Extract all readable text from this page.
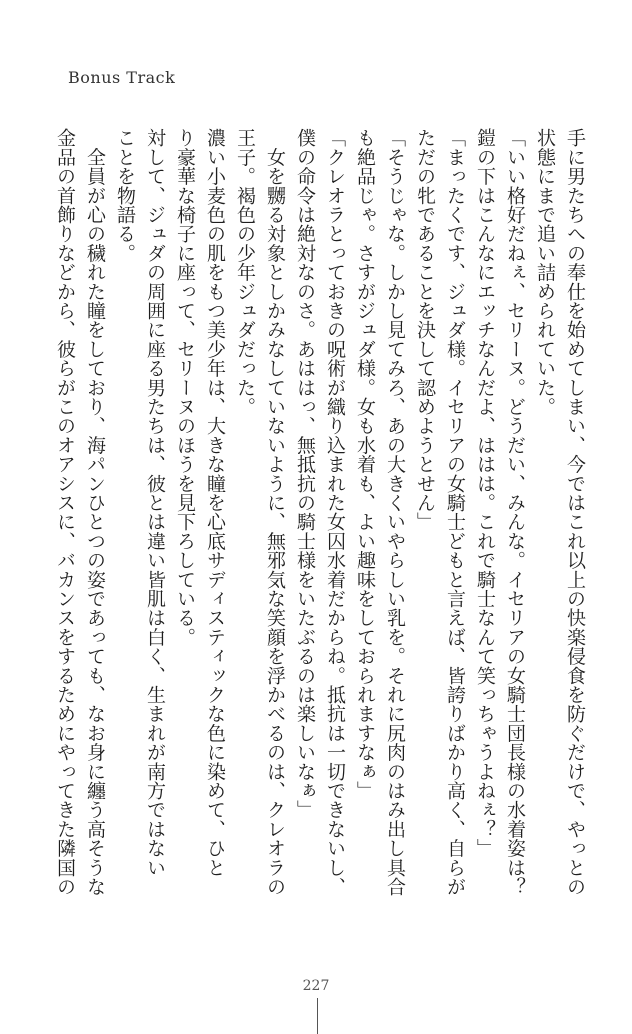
Bonus Track
手に男たちへの奉仕を始めてしまい、今ではこれ以上の快楽侵食を防ぐだけで、やっとの
状態にまで追い詰められていた。
「いい格好だねぇ、セリーヌ。どうだい、みんな。イセリアの女騎士団長様の水着姿は？
鎧の下はこんなにエッチなんだよ、ははは。これで騎士なんて笑っちゃうよねぇ？」
「まったくです、ジュダ様。イセリアの女騎士どもと言えば、皆誇りばかり高く、自らが
ただの牝であることを決して認めようとせん」
「そうじゃな。しかし見てみろ、あの大きくいやらしい乳を。それに尻肉のはみ出し具合
も絶品じゃ。さすがジュダ様。女も水着も、よい趣味をしておられますなぁ」
「クレオラとっておきの呪術が織り込まれた女囚水着だからね。抵抗は一切できないし、
僕の命令は絶対なのさ。あははっ、無抵抗の騎士様をいたぶるのは楽しいなぁ」
　女を嬲る対象としかみなしていないように、無邪気な笑顔を浮かべるのは、クレオラの
王子。褐色の少年ジュダだった。
濃い小麦色の肌をもつ美少年は、大きな瞳を心底サディスティックな色に染めて、ひと
り豪華な椅子に座って、セリーヌのほうを見下ろしている。
対して、ジュダの周囲に座る男たちは、彼とは違い皆肌は白く、生まれが南方ではない
ことを物語る。
　全員が心の穢れた瞳をしており、海パンひとつの姿であっても、なお身に纏う高そうな
金品の首飾りなどから、彼らがこのオアシスに、バカンスをするためにやってきた隣国の
227
